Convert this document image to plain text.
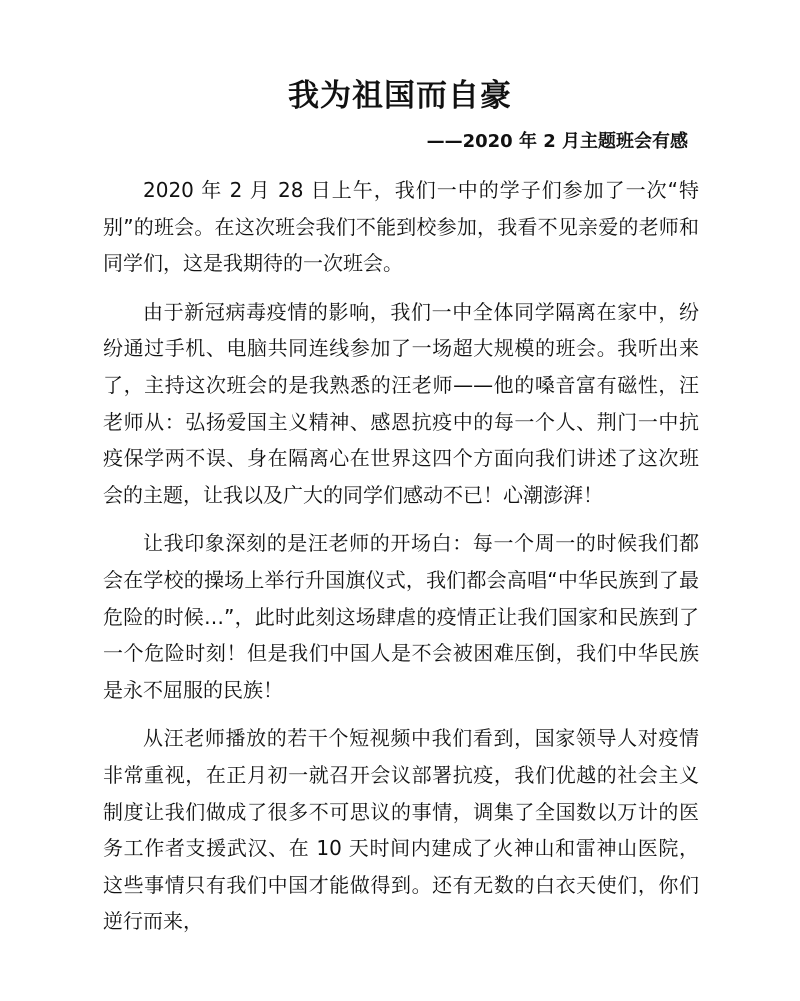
我为祖国而自豪
——2020 年 2 月主题班会有感

2020 年 2 月 28 日上午，我们一中的学子们参加了一次“特别”的班会。在这次班会我们不能到校参加，我看不见亲爱的老师和同学们，这是我期待的一次班会。

由于新冠病毒疫情的影响，我们一中全体同学隔离在家中，纷纷通过手机、电脑共同连线参加了一场超大规模的班会。我听出来了，主持这次班会的是我熟悉的汪老师——他的嗓音富有磁性，汪老师从：弘扬爱国主义精神、感恩抗疫中的每一个人、荆门一中抗疫保学两不误、身在隔离心在世界这四个方面向我们讲述了这次班会的主题，让我以及广大的同学们感动不已！心潮澎湃！

让我印象深刻的是汪老师的开场白：每一个周一的时候我们都会在学校的操场上举行升国旗仪式，我们都会高唱“中华民族到了最危险的时候…”，此时此刻这场肆虐的疫情正让我们国家和民族到了一个危险时刻！但是我们中国人是不会被困难压倒，我们中华民族是永不屈服的民族！

从汪老师播放的若干个短视频中我们看到，国家领导人对疫情非常重视，在正月初一就召开会议部署抗疫，我们优越的社会主义制度让我们做成了很多不可思议的事情，调集了全国数以万计的医务工作者支援武汉、在 10 天时间内建成了火神山和雷神山医院，这些事情只有我们中国才能做得到。还有无数的白衣天使们，你们逆行而来，
